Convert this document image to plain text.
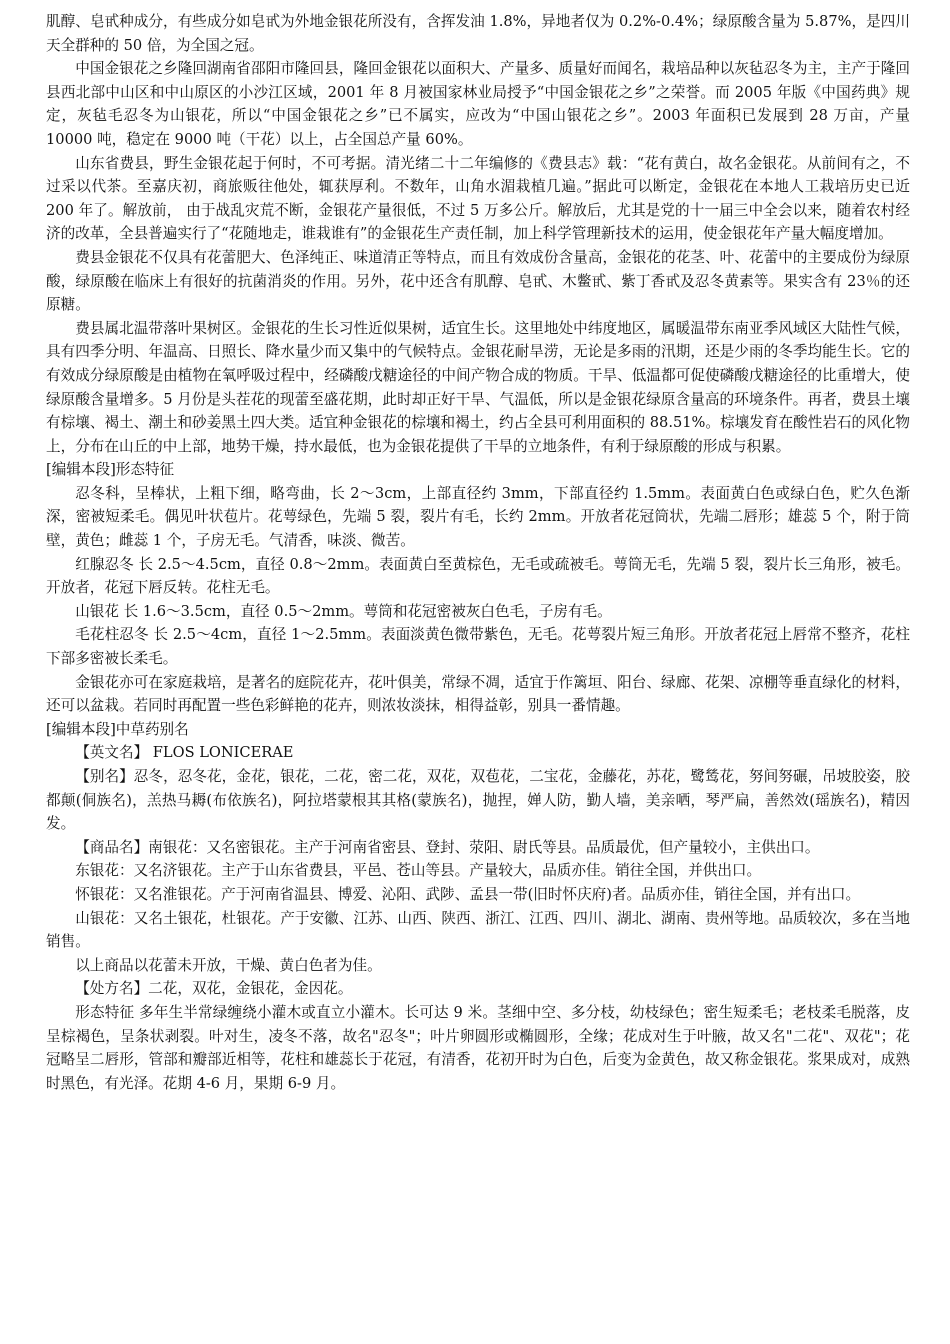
肌醇、皂甙种成分，有些成分如皂甙为外地金银花所没有，含挥发油 1.8%，异地者仅为 0.2%-0.4%；绿原酸含量为 5.87%，是四川天全群种的 50 倍，为全国之冠。

中国金银花之乡隆回湖南省邵阳市隆回县，隆回金银花以面积大、产量多、质量好而闻名，栽培品种以灰毡忍冬为主，主产于隆回县西北部中山区和中山原区的小沙江区域，2001 年 8 月被国家林业局授予“中国金银花之乡”之荣誉。而 2005 年版《中国药典》规定，灰毡毛忍冬为山银花，所以“中国金银花之乡”已不属实，应改为“中国山银花之乡”。2003 年面积已发展到 28 万亩，产量 10000 吨，稳定在 9000 吨（干花）以上，占全国总产量 60%。

山东省费县，野生金银花起于何时，不可考据。清光绪二十二年编修的《费县志》载：“花有黄白，故名金银花。从前间有之，不过采以代茶。至嘉庆初，商旅贩往他处，辄获厚利。不数年，山角水湄栽植几遍。”据此可以断定，金银花在本地人工栽培历史已近 200 年了。解放前， 由于战乱灾荒不断，金银花产量很低，不过 5 万多公斤。解放后，尤其是党的十一届三中全会以来，随着农村经济的改革，全县普遍实行了“花随地走，谁栽谁有”的金银花生产责任制，加上科学管理新技术的运用，使金银花年产量大幅度增加。

费县金银花不仅具有花蕾肥大、色泽纯正、味道清正等特点，而且有效成份含量高，金银花的花茎、叶、花蕾中的主要成份为绿原酸，绿原酸在临床上有很好的抗菌消炎的作用。另外，花中还含有肌醇、皂甙、木鳖甙、紫丁香甙及忍冬黄素等。果实含有 23％的还原糖。

费县属北温带落叶果树区。金银花的生长习性近似果树，适宜生长。这里地处中纬度地区，属暖温带东南亚季风域区大陆性气候，具有四季分明、年温高、日照长、降水量少而又集中的气候特点。金银花耐旱涝，无论是多雨的汛期，还是少雨的冬季均能生长。它的有效成分绿原酸是由植物在氧呼吸过程中，经磷酸戊糖途径的中间产物合成的物质。干旱、低温都可促使磷酸戊糖途径的比重增大，使绿原酸含量增多。5 月份是头茬花的现蕾至盛花期，此时却正好干旱、气温低，所以是金银花绿原含量高的环境条件。再者，费县土壤有棕壤、褐土、潮土和砂姜黑土四大类。适宜种金银花的棕壤和褐土，约占全县可利用面积的 88.51%。棕壤发育在酸性岩石的风化物上，分布在山丘的中上部，地势干燥，持水最低，也为金银花提供了干旱的立地条件，有利于绿原酸的形成与积累。

[编辑本段]形态特征

忍冬科，呈棒状，上粗下细，略弯曲，长 2～3cm，上部直径约 3mm，下部直径约 1.5mm。表面黄白色或绿白色，贮久色渐深，密被短柔毛。偶见叶状苞片。花萼绿色，先端 5 裂，裂片有毛，长约 2mm。开放者花冠筒状，先端二唇形；雄蕊 5 个，附于筒壁，黄色；雌蕊 1 个，子房无毛。气清香，味淡、微苦。

红腺忍冬 长 2.5～4.5cm，直径 0.8～2mm。表面黄白至黄棕色，无毛或疏被毛。萼筒无毛，先端 5 裂，裂片长三角形，被毛。开放者，花冠下唇反转。花柱无毛。

山银花 长 1.6～3.5cm，直径 0.5～2mm。萼筒和花冠密被灰白色毛，子房有毛。

毛花柱忍冬 长 2.5～4cm，直径 1～2.5mm。表面淡黄色微带紫色，无毛。花萼裂片短三角形。开放者花冠上唇常不整齐，花柱下部多密被长柔毛。

金银花亦可在家庭栽培，是著名的庭院花卉，花叶俱美，常绿不凋，适宜于作篱垣、阳台、绿廊、花架、凉棚等垂直绿化的材料，还可以盆栽。若同时再配置一些色彩鲜艳的花卉，则浓妆淡抹，相得益彰，别具一番情趣。

[编辑本段]中草药别名

【英文名】 FLOS LONICERAE

【别名】忍冬，忍冬花，金花，银花，二花，密二花，双花，双苞花，二宝花，金藤花，苏花，鹭鸶花，努间努碾，吊坡胶姿，胶都颠(侗族名)，羔热马耨(布依族名)，阿拉塔蒙根其其格(蒙族名)，抛捏，婵人防，勤人墙，美亲哂，琴严扁，善然效(瑶族名)，精因发。

【商品名】南银花：又名密银花。主产于河南省密县、登封、荥阳、尉氏等县。品质最优，但产量较小，主供出口。

东银花：又名济银花。主产于山东省费县，平邑、苍山等县。产量较大，品质亦佳。销往全国，并供出口。

怀银花：又名淮银花。产于河南省温县、博爱、沁阳、武陟、孟县一带(旧时怀庆府)者。品质亦佳，销往全国，并有出口。

山银花：又名土银花，杜银花。产于安徽、江苏、山西、陕西、浙江、江西、四川、湖北、湖南、贵州等地。品质较次，多在当地销售。

以上商品以花蕾未开放，干燥、黄白色者为佳。

【处方名】二花，双花，金银花，金因花。

形态特征 多年生半常绿缠绕小灌木或直立小灌木。长可达 9 米。茎细中空、多分枝，幼枝绿色；密生短柔毛；老枝柔毛脱落，皮呈棕褐色，呈条状剥裂。叶对生，凌冬不落，故名"忍冬"；叶片卵圆形或椭圆形，全缘；花成对生于叶腋，故又名"二花"、双花"；花冠略呈二唇形，管部和瓣部近相等，花柱和雄蕊长于花冠，有清香，花初开时为白色，后变为金黄色，故又称金银花。浆果成对，成熟时黑色，有光泽。花期 4-6 月，果期 6-9 月。
